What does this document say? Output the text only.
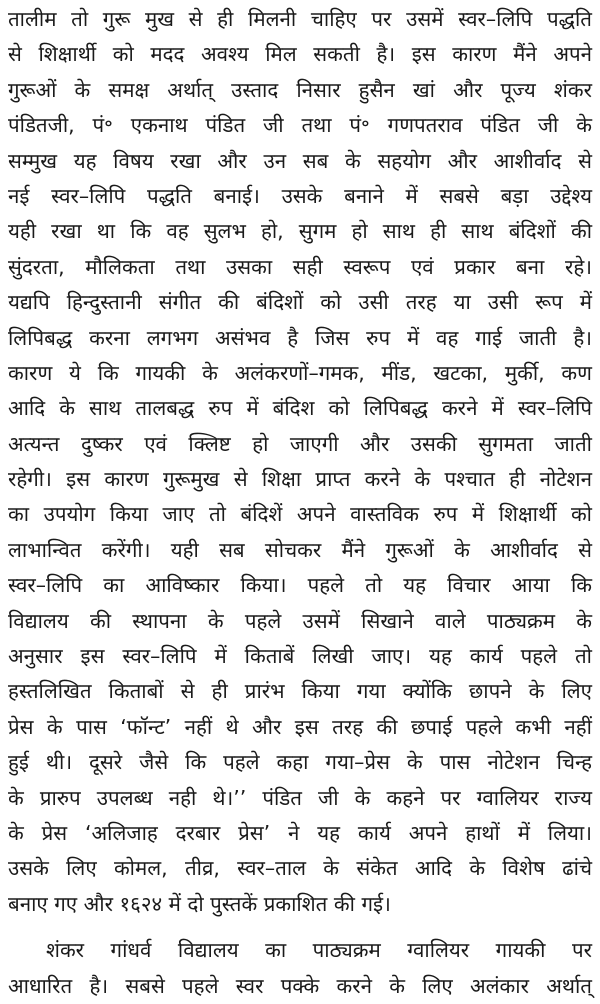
तालीम तो गुरू मुख से ही मिलनी चाहिए पर उसमें स्वर–लिपि पद्धति
से शिक्षार्थी को मदद अवश्य मिल सकती है। इस कारण मैंने अपने
गुरूओं के समक्ष अर्थात् उस्ताद निसार हुसैन खां और पूज्य शंकर
पंडितजी, पं॰ एकनाथ पंडित जी तथा पं॰ गणपतराव पंडित जी के
सम्मुख यह विषय रखा और उन सब के सहयोग और आशीर्वाद से
नई स्वर–लिपि पद्धति बनाई। उसके बनाने में सबसे बड़ा उद्देश्य
यही रखा था कि वह सुलभ हो, सुगम हो साथ ही साथ बंदिशों की
सुंदरता, मौलिकता तथा उसका सही स्वरूप एवं प्रकार बना रहे।
यद्यपि हिन्दुस्तानी संगीत की बंदिशों को उसी तरह या उसी रूप में
लिपिबद्ध करना लगभग असंभव है जिस रुप में वह गाई जाती है।
कारण ये कि गायकी के अलंकरणों–गमक, मींड, खटका, मुर्की, कण
आदि के साथ तालबद्ध रुप में बंदिश को लिपिबद्ध करने में स्वर–लिपि
अत्यन्त दुष्कर एवं क्लिष्ट हो जाएगी और उसकी सुगमता जाती
रहेगी। इस कारण गुरूमुख से शिक्षा प्राप्त करने के पश्चात ही नोटेशन
का उपयोग किया जाए तो बंदिशें अपने वास्तविक रुप में शिक्षार्थी को
लाभान्वित करेंगी। यही सब सोचकर मैंने गुरूओं के आशीर्वाद से
स्वर–लिपि का आविष्कार किया। पहले तो यह विचार आया कि
विद्यालय की स्थापना के पहले उसमें सिखाने वाले पाठ्यक्रम के
अनुसार इस स्वर–लिपि में किताबें लिखी जाए। यह कार्य पहले तो
हस्तलिखित किताबों से ही प्रारंभ किया गया क्योंकि छापने के लिए
प्रेस के पास ‘फॉन्ट’ नहीं थे और इस तरह की छपाई पहले कभी नहीं
हुई थी। दूसरे जैसे कि पहले कहा गया–प्रेस के पास नोटेशन चिन्ह
के प्रारुप उपलब्ध नही थे।’’ पंडित जी के कहने पर ग्वालियर राज्य
के प्रेस ‘अलिजाह दरबार प्रेस’ ने यह कार्य अपने हाथों में लिया।
उसके लिए कोमल, तीव्र, स्वर–ताल के संकेत आदि के विशेष ढांचे
बनाए गए और १६२४ में दो पुस्तकें प्रकाशित की गई।

शंकर गांधर्व विद्यालय का पाठ्यक्रम ग्वालियर गायकी पर
आधारित है। सबसे पहले स्वर पक्के करने के लिए अलंकार अर्थात्
